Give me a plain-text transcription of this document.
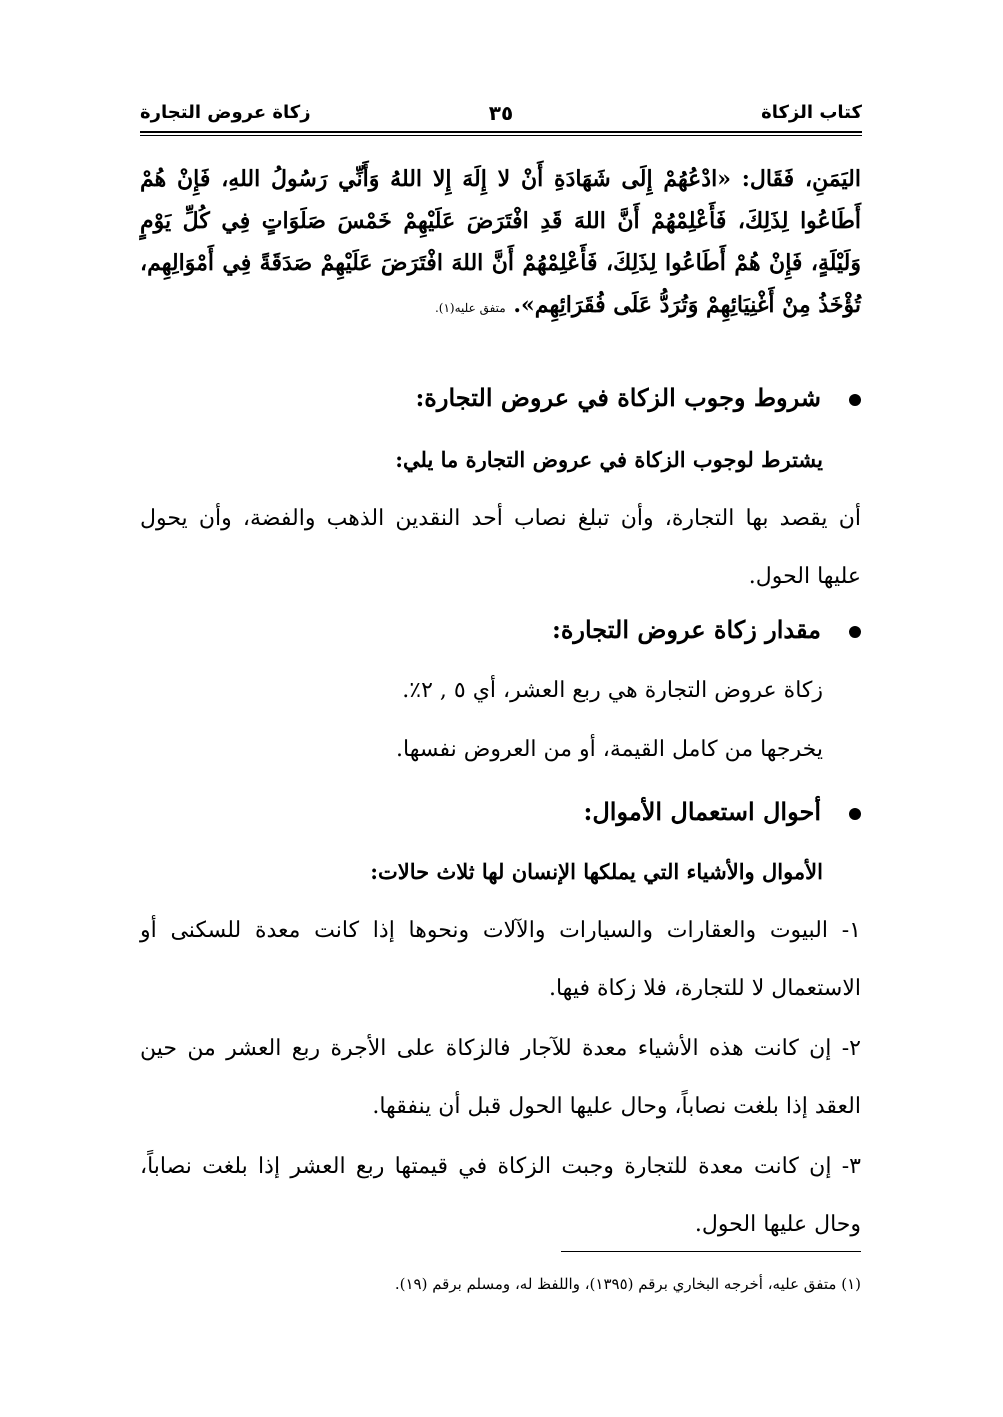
كتاب الزكاة
٣٥
زكاة عروض التجارة
اليَمَنِ، فَقَال: «ادْعُهُمْ إِلَى شَهَادَةِ أَنْ لا إِلَهَ إِلا اللهُ وَأَنِّي رَسُولُ اللهِ، فَإِنْ هُمْ أَطَاعُوا لِذَلِكَ، فَأَعْلِمْهُمْ أَنَّ اللهَ قَدِ افْتَرَضَ عَلَيْهِمْ خَمْسَ صَلَوَاتٍ فِي كُلِّ يَوْمٍ وَلَيْلَةٍ، فَإِنْ هُمْ أَطَاعُوا لِذَلِكَ، فَأَعْلِمْهُمْ أَنَّ اللهَ افْتَرَضَ عَلَيْهِمْ صَدَقَةً فِي أَمْوَالِهِم، تُؤْخَذُ مِنْ أَغْنِيَائِهِمْ وَتُرَدُّ عَلَى فُقَرَائِهِم». متفق عليه(١).
شروط وجوب الزكاة في عروض التجارة:
يشترط لوجوب الزكاة في عروض التجارة ما يلي:
أن يقصد بها التجارة، وأن تبلغ نصاب أحد النقدين الذهب والفضة، وأن يحول عليها الحول.
مقدار زكاة عروض التجارة:
زكاة عروض التجارة هي ربع العشر، أي ٥ , ٢٪.
يخرجها من كامل القيمة، أو من العروض نفسها.
أحوال استعمال الأموال:
الأموال والأشياء التي يملكها الإنسان لها ثلاث حالات:
١- البيوت والعقارات والسيارات والآلات ونحوها إذا كانت معدة للسكنى أو الاستعمال لا للتجارة، فلا زكاة فيها.
٢- إن كانت هذه الأشياء معدة للآجار فالزكاة على الأجرة ربع العشر من حين العقد إذا بلغت نصاباً، وحال عليها الحول قبل أن ينفقها.
٣- إن كانت معدة للتجارة وجبت الزكاة في قيمتها ربع العشر إذا بلغت نصاباً، وحال عليها الحول.
(١) متفق عليه، أخرجه البخاري برقم (١٣٩٥)، واللفظ له، ومسلم برقم (١٩).
